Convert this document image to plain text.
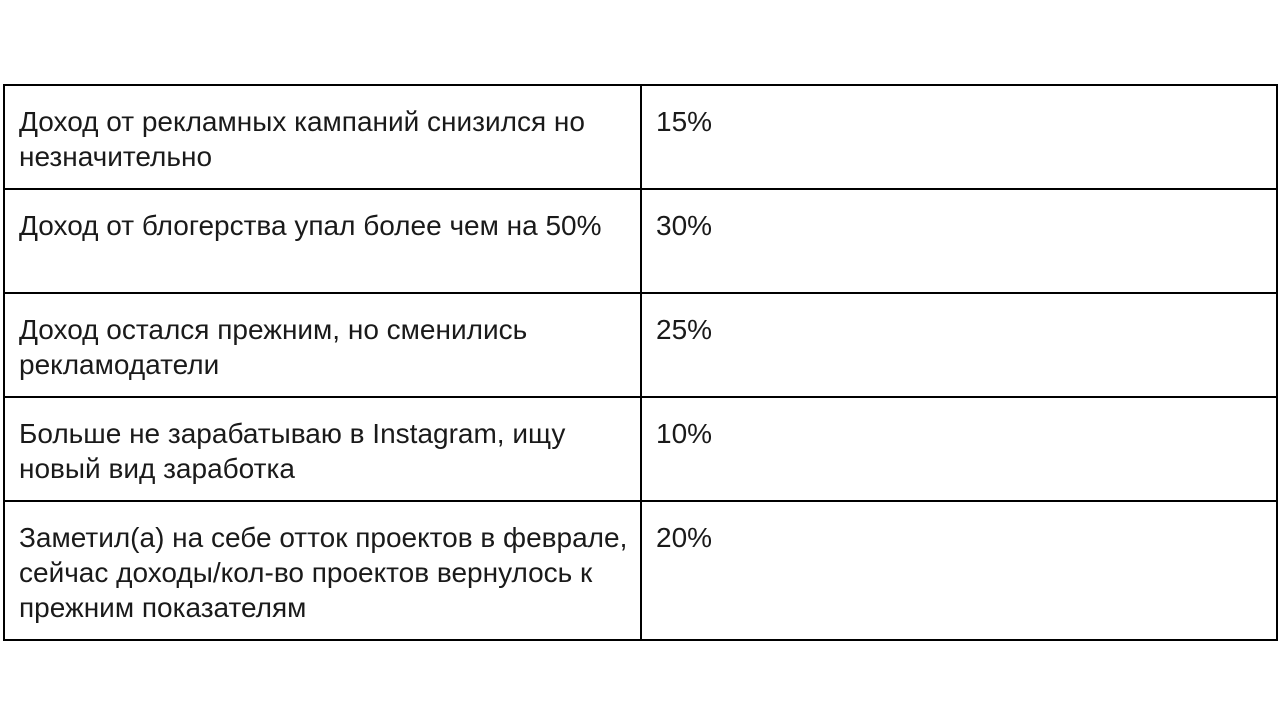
Доход от рекламных кампаний снизился но незначительно	15%
Доход от блогерства упал более чем на 50%	30%
Доход остался прежним, но сменились рекламодатели	25%
Больше не зарабатываю в Instagram, ищу новый вид заработка	10%
Заметил(а) на себе отток проектов в феврале, сейчас доходы/кол-во проектов вернулось к прежним показателям	20%
